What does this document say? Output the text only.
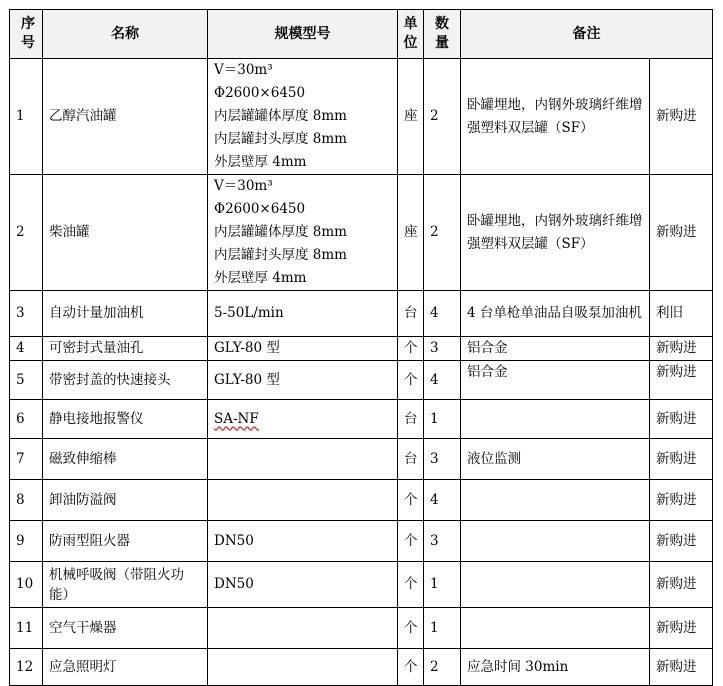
序号	名称	规模型号	单位	数量	备注	
1	乙醇汽油罐	V＝30m³
Φ2600×6450
内层罐罐体厚度 8mm
内层罐封头厚度 8mm
外层壁厚 4mm	座	2	卧罐埋地，内钢外玻璃纤维增强塑料双层罐（SF）	新购进
2	柴油罐	V＝30m³
Φ2600×6450
内层罐罐体厚度 8mm
内层罐封头厚度 8mm
外层壁厚 4mm	座	2	卧罐埋地，内钢外玻璃纤维增强塑料双层罐（SF）	新购进
3	自动计量加油机	5-50L/min	台	4	4 台单枪单油品自吸泵加油机	利旧
4	可密封式量油孔	GLY-80 型	个	3	铝合金	新购进
5	带密封盖的快速接头	GLY-80 型	个	4	铝合金	新购进
6	静电接地报警仪	SA-NF	台	1		新购进
7	磁致伸缩棒		台	3	液位监测	新购进
8	卸油防溢阀		个	4		新购进
9	防雨型阻火器	DN50	个	3		新购进
10	机械呼吸阀（带阻火功能）	DN50	个	1		新购进
11	空气干燥器		个	1		新购进
12	应急照明灯		个	2	应急时间 30min	新购进
